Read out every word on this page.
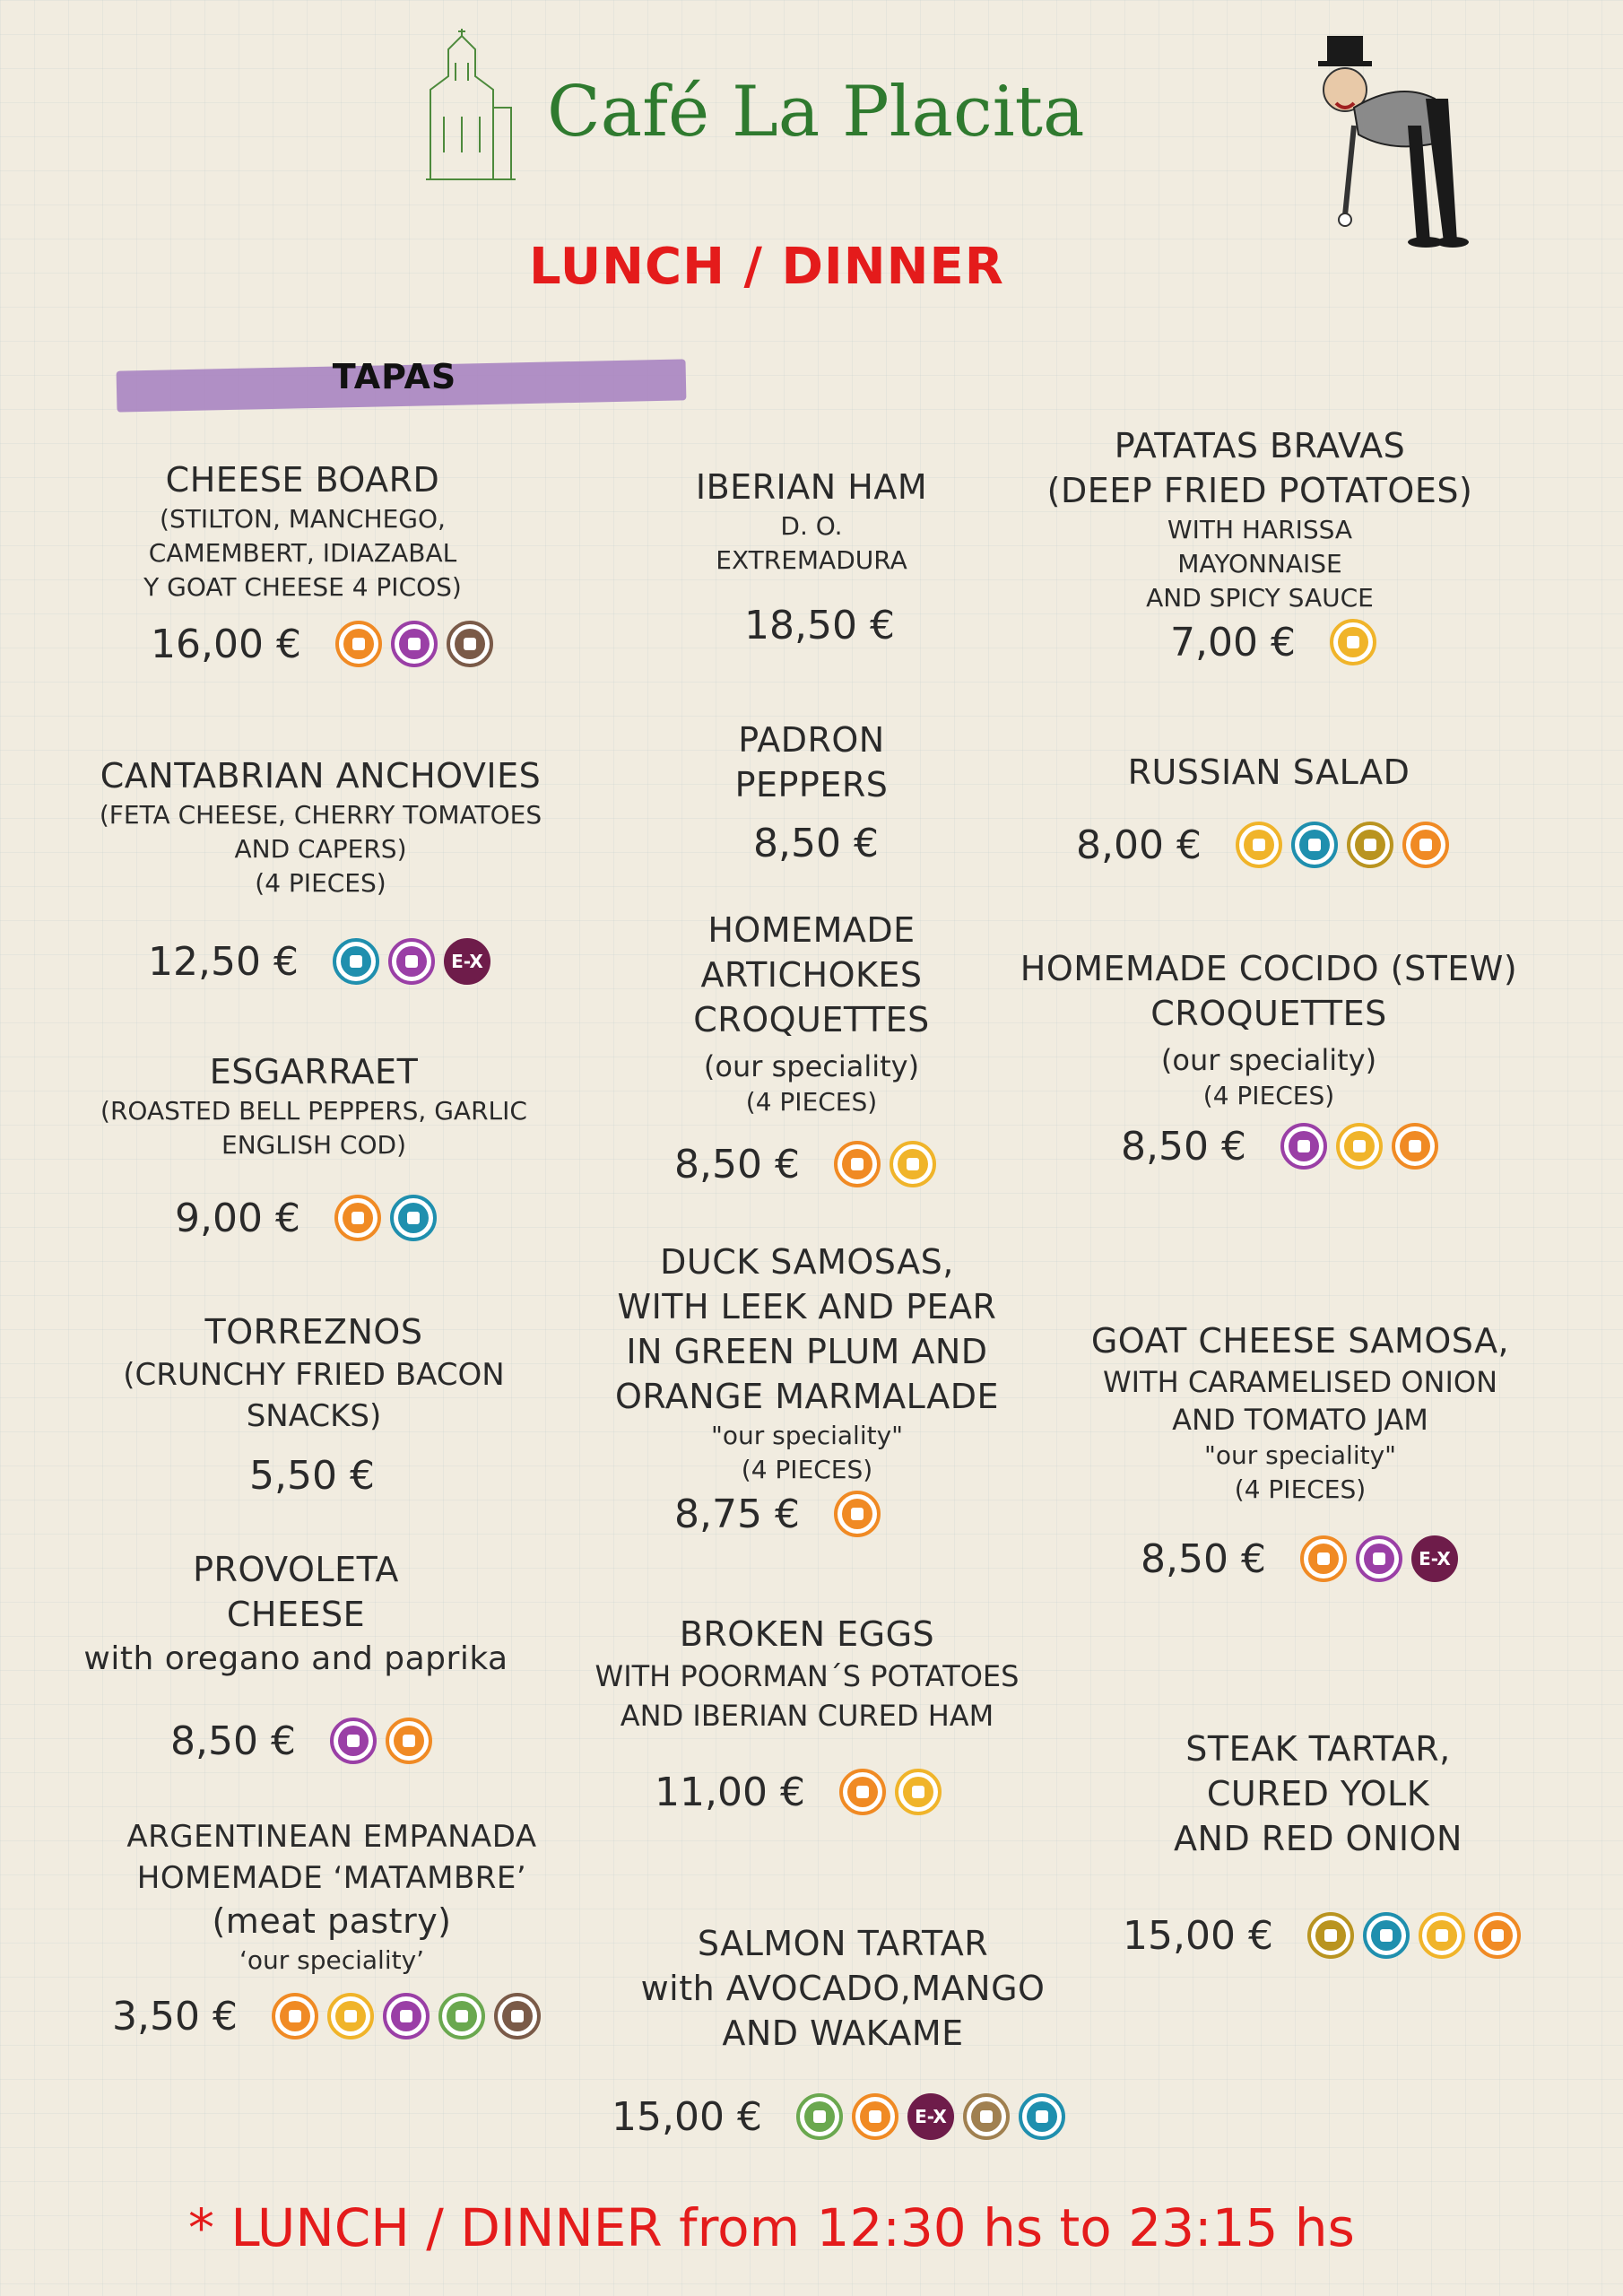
Café La Placita
LUNCH / DINNER
TAPAS
CHEESE BOARD
(STILTON, MANCHEGO,
CAMEMBERT, IDIAZABAL
Y GOAT CHEESE 4 PICOS)
16,00 €
CANTABRIAN ANCHOVIES
(FETA CHEESE, CHERRY TOMATOES
AND CAPERS)
(4 PIECES)
12,50 €	E-X
ESGARRAET
(ROASTED BELL PEPPERS, GARLIC
ENGLISH COD)
9,00 €
TORREZNOS
(CRUNCHY FRIED BACON
SNACKS)
5,50 €
PROVOLETA
CHEESE
with oregano and paprika
8,50 €
ARGENTINEAN EMPANADA
HOMEMADE ‘MATAMBRE’
(meat pastry)
‘our speciality’
3,50 €
IBERIAN HAM
D. O.
EXTREMADURA
18,50 €
PADRON
PEPPERS
8,50 €
HOMEMADE
ARTICHOKES
CROQUETTES
(our speciality)
(4 PIECES)
8,50 €
DUCK SAMOSAS,
WITH LEEK AND PEAR
IN GREEN PLUM AND
ORANGE MARMALADE
"our speciality"
(4 PIECES)
8,75 €
BROKEN EGGS
WITH POORMAN´S POTATOES
AND IBERIAN CURED HAM
11,00 €
SALMON TARTAR
with AVOCADO,MANGO
AND WAKAME
15,00 €	E-X
PATATAS BRAVAS
(DEEP FRIED POTATOES)
WITH HARISSA
MAYONNAISE
AND SPICY SAUCE
7,00 €
RUSSIAN SALAD
8,00 €
HOMEMADE COCIDO (STEW)
CROQUETTES
(our speciality)
(4 PIECES)
8,50 €
GOAT CHEESE SAMOSA,
WITH CARAMELISED ONION
AND TOMATO JAM
"our speciality"
(4 PIECES)
8,50 €	E-X
STEAK TARTAR,
CURED YOLK
AND RED ONION
15,00 €
* LUNCH / DINNER from 12:30 hs to 23:15 hs
